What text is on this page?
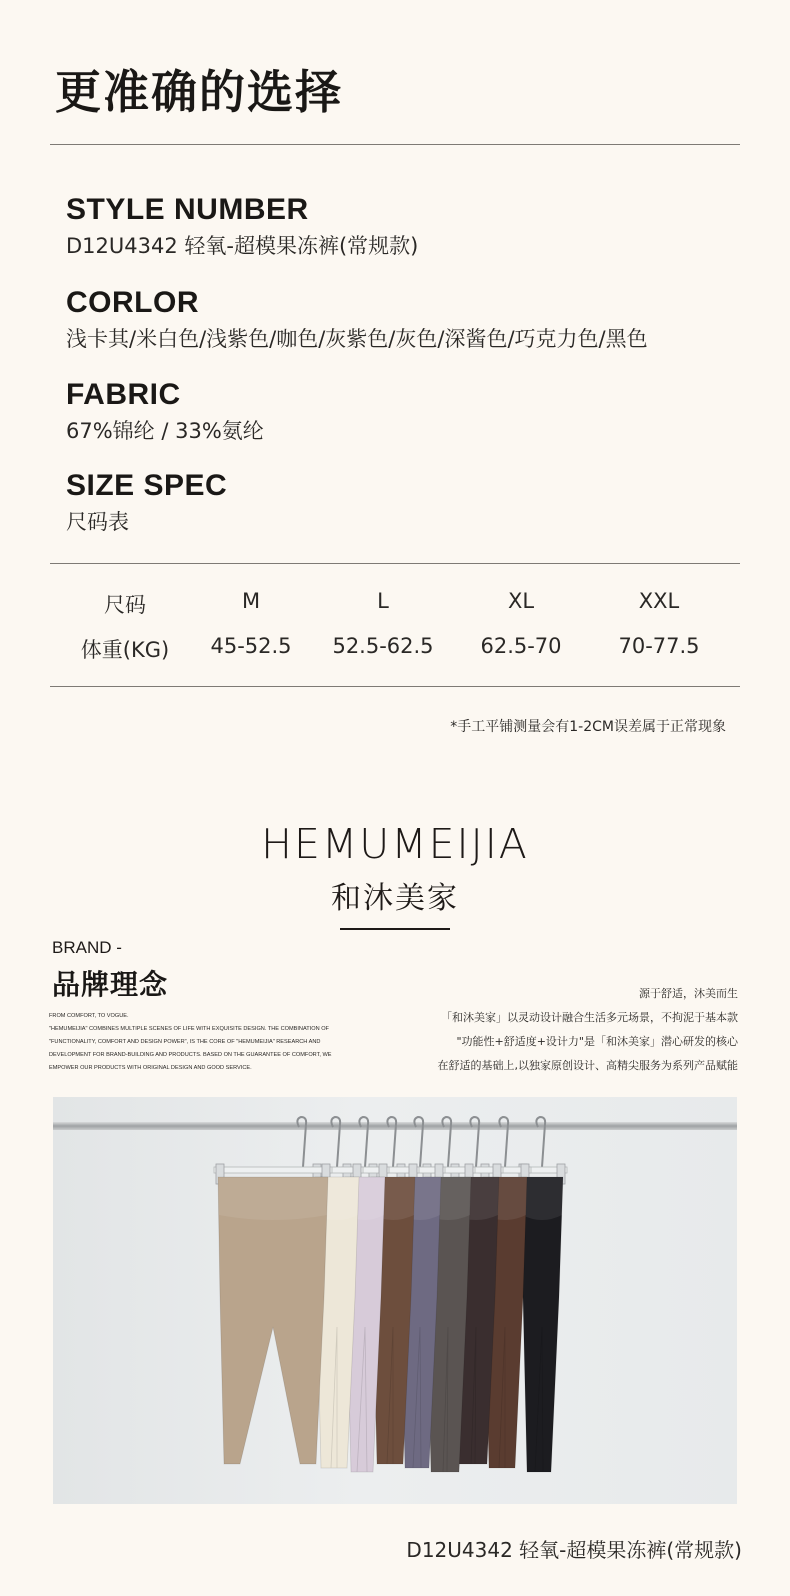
更准确的选择
STYLE NUMBER
D12U4342 轻氧-超模果冻裤(常规款)
CORLOR
浅卡其/米白色/浅紫色/咖色/灰紫色/灰色/深酱色/巧克力色/黑色
FABRIC
67%锦纶 / 33%氨纶
SIZE SPEC
尺码表
尺码	M	L	XL	XXL
体重(KG)	45-52.5	52.5-62.5	62.5-70	70-77.5
*手工平铺测量会有1-2CM误差属于正常现象
HEMUMEIJIA
和沐美家
BRAND -
品牌理念
FROM COMFORT, TO VOGUE.
"HEMUMEIJIA" COMBINES MULTIPLE SCENES OF LIFE WITH EXQUISITE DESIGN. THE COMBINATION OF
"FUNCTIONALITY, COMFORT AND DESIGN POWER", IS THE CORE OF "HEMUMEIJIA" RESEARCH AND
DEVELOPMENT FOR BRAND-BUILDING AND PRODUCTS. BASED ON THE GUARANTEE OF COMFORT, WE
EMPOWER OUR PRODUCTS WITH ORIGINAL DESIGN AND GOOD SERVICE.
源于舒适，沐美而生
「和沐美家」以灵动设计融合生活多元场景，不拘泥于基本款
"功能性+舒适度+设计力"是「和沐美家」潜心研发的核心
在舒适的基础上,以独家原创设计、高精尖服务为系列产品赋能
D12U4342 轻氧-超模果冻裤(常规款)
